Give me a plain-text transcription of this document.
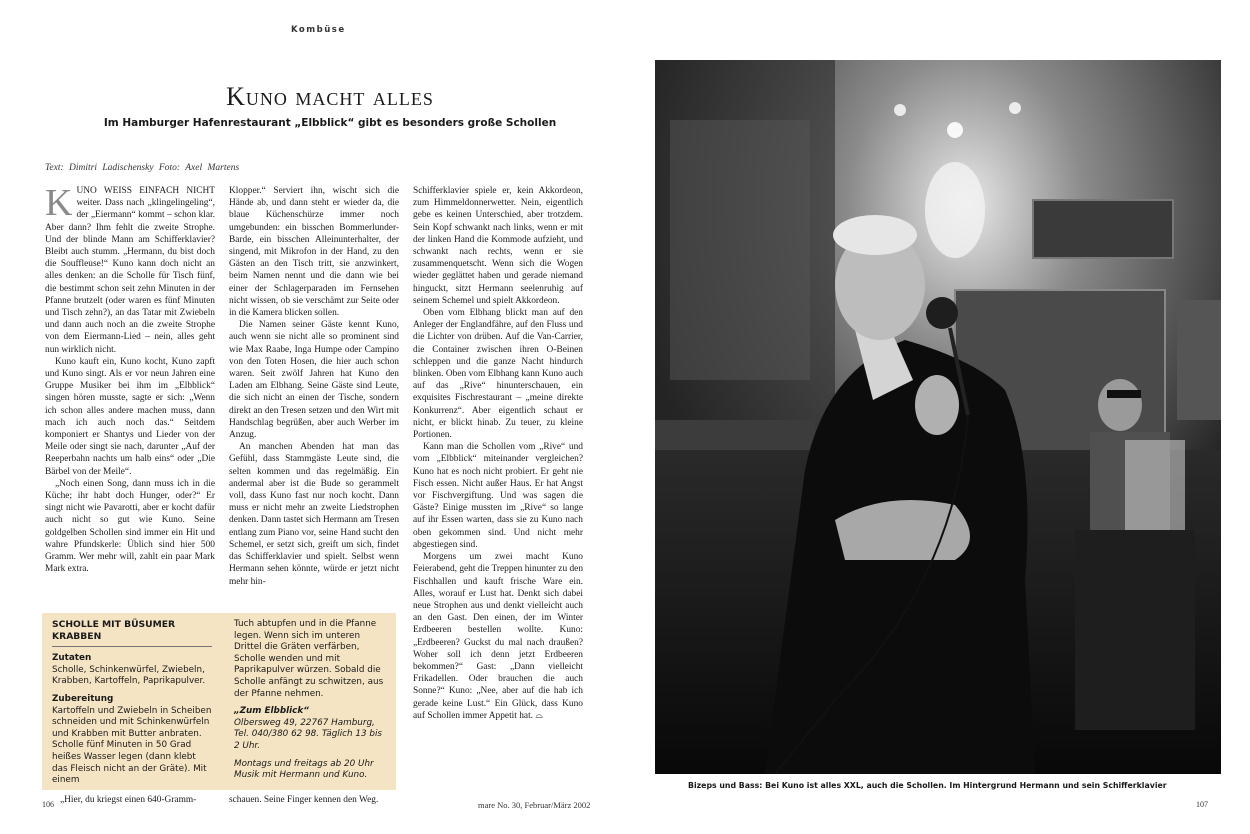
Kombüse
Kuno macht alles
Im Hamburger Hafenrestaurant „Elbblick“ gibt es besonders große Schollen
Text: Dimitri Ladischensky Foto: Axel Martens

KUNO WEISS EINFACH NICHT weiter. Dass nach „klingelingeling“, der „Eiermann“ kommt – schon klar. Aber dann? Ihm fehlt die zweite Strophe. Und der blinde Mann am Schifferklavier? Bleibt auch stumm. „Hermann, du bist doch die Souffleuse!“ Kuno kann doch nicht an alles denken: an die Scholle für Tisch fünf, die bestimmt schon seit zehn Minuten in der Pfanne brutzelt (oder waren es fünf Minuten und Tisch zehn?), an das Tatar mit Zwiebeln und dann auch noch an die zweite Strophe von dem Eiermann-Lied – nein, alles geht nun wirklich nicht.

Kuno kauft ein, Kuno kocht, Kuno zapft und Kuno singt. Als er vor neun Jahren eine Gruppe Musiker bei ihm im „Elbblick“ singen hören musste, sagte er sich: „Wenn ich schon alles andere machen muss, dann mach ich auch noch das.“ Seitdem komponiert er Shantys und Lieder von der Meile oder singt sie nach, darunter „Auf der Reeperbahn nachts um halb eins“ oder „Die Bärbel von der Meile“.

„Noch einen Song, dann muss ich in die Küche; ihr habt doch Hunger, oder?“ Er singt nicht wie Pavarotti, aber er kocht dafür auch nicht so gut wie Kuno. Seine goldgelben Schollen sind immer ein Hit und wahre Pfundskerle: Üblich sind hier 500 Gramm. Wer mehr will, zahlt ein paar Mark Mark extra.

Klopper.“ Serviert ihn, wischt sich die Hände ab, und dann steht er wieder da, die blaue Küchenschürze immer noch umgebunden: ein bisschen Bommerlunder-Barde, ein bisschen Alleinunterhalter, der singend, mit Mikrofon in der Hand, zu den Gästen an den Tisch tritt, sie anzwinkert, beim Namen nennt und die dann wie bei einer der Schlagerparaden im Fernsehen nicht wissen, ob sie verschämt zur Seite oder in die Kamera blicken sollen.

Die Namen seiner Gäste kennt Kuno, auch wenn sie nicht alle so prominent sind wie Max Raabe, Inga Humpe oder Campino von den Toten Hosen, die hier auch schon waren. Seit zwölf Jahren hat Kuno den Laden am Elbhang. Seine Gäste sind Leute, die sich nicht an einen der Tische, sondern direkt an den Tresen setzen und den Wirt mit Handschlag begrüßen, aber auch Werber im Anzug.

An manchen Abenden hat man das Gefühl, dass Stammgäste Leute sind, die selten kommen und das regelmäßig. Ein andermal aber ist die Bude so gerammelt voll, dass Kuno fast nur noch kocht. Dann muss er nicht mehr an zweite Liedstrophen denken. Dann tastet sich Hermann am Tresen entlang zum Piano vor, seine Hand sucht den Schemel, er setzt sich, greift um sich, findet das Schifferklavier und spielt. Selbst wenn Hermann sehen könnte, würde er jetzt nicht mehr hin-

Schifferklavier spiele er, kein Akkordeon, zum Himmeldonnerwetter. Nein, eigentlich gebe es keinen Unterschied, aber trotzdem. Sein Kopf schwankt nach links, wenn er mit der linken Hand die Kommode aufzieht, und schwankt nach rechts, wenn er sie zusammenquetscht. Wenn sich die Wogen wieder geglättet haben und gerade niemand hinguckt, sitzt Hermann seelenruhig auf seinem Schemel und spielt Akkordeon.

Oben vom Elbhang blickt man auf den Anleger der Englandfähre, auf den Fluss und die Lichter von drüben. Auf die Van-Carrier, die Container zwischen ihren O-Beinen schleppen und die ganze Nacht hindurch blinken. Oben vom Elbhang kann Kuno auch auf das „Rive“ hinunterschauen, ein exquisites Fischrestaurant – „meine direkte Konkurrenz“. Aber eigentlich schaut er nicht, er blickt hinab. Zu teuer, zu kleine Portionen.

Kann man die Schollen vom „Rive“ und vom „Elbblick“ miteinander vergleichen? Kuno hat es noch nicht probiert. Er geht nie Fisch essen. Nicht außer Haus. Er hat Angst vor Fischvergiftung. Und was sagen die Gäste? Einige mussten im „Rive“ so lange auf ihr Essen warten, dass sie zu Kuno nach oben gekommen sind. Und nicht mehr abgestiegen sind.

Morgens um zwei macht Kuno Feierabend, geht die Treppen hinunter zu den Fischhallen und kauft frische Ware ein. Alles, worauf er Lust hat. Denkt sich dabei neue Strophen aus und denkt vielleicht auch an den Gast. Den einen, der im Winter Erdbeeren bestellen wollte. Kuno: „Erdbeeren? Guckst du mal nach draußen? Woher soll ich denn jetzt Erdbeeren bekommen?“ Gast: „Dann vielleicht Frikadellen. Oder brauchen die auch Sonne?“ Kuno: „Nee, aber auf die hab ich gerade keine Lust.“ Ein Glück, dass Kuno auf Schollen immer Appetit hat. ⌓

SCHOLLE MIT BÜSUMER KRABBEN
Zutaten
Scholle, Schinkenwürfel, Zwiebeln, Krabben, Kartoffeln, Paprikapulver.
Zubereitung
Kartoffeln und Zwiebeln in Scheiben schneiden und mit Schinkenwürfeln und Krabben mit Butter anbraten. Scholle fünf Minuten in 50 Grad heißes Wasser legen (dann klebt das Fleisch nicht an der Gräte). Mit einem
Tuch abtupfen und in die Pfanne legen. Wenn sich im unteren Drittel die Gräten verfärben, Scholle wenden und mit Paprikapulver würzen. Sobald die Scholle anfängt zu schwitzen, aus der Pfanne nehmen.
„Zum Elbblick“
Olbersweg 49, 22767 Hamburg,
Tel. 040/380 62 98. Täglich 13 bis 2 Uhr.
Montags und freitags ab 20 Uhr Musik mit Hermann und Kuno.
„Hier, du kriegst einen 640-Gramm-	schauen. Seine Finger kennen den Weg.
106	mare No. 30, Februar/März 2002	107
Bizeps und Bass: Bei Kuno ist alles XXL, auch die Schollen. Im Hintergrund Hermann und sein Schifferklavier
